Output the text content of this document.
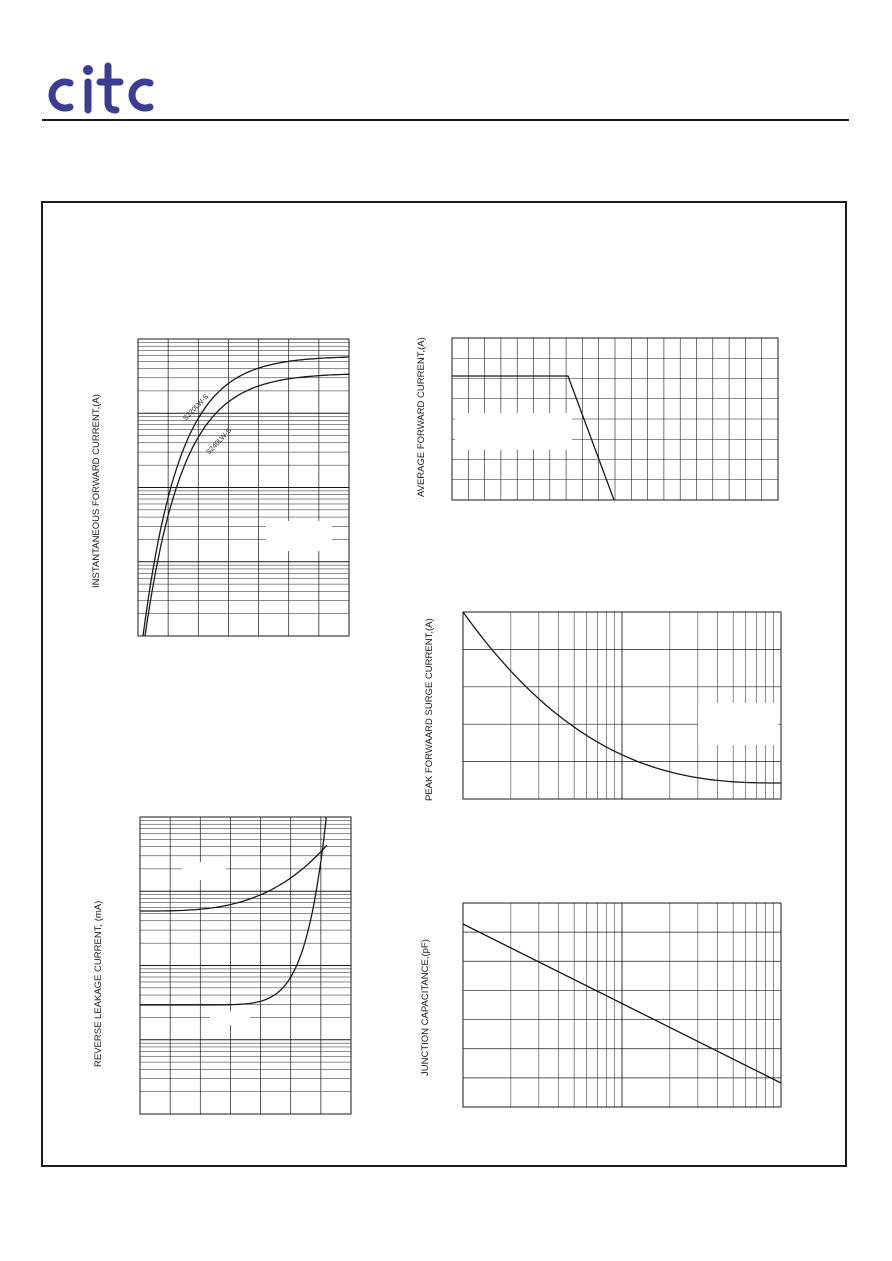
INSTANTANEOUS FORWARD CURRENT,(A)	S220LW-S
S240LW-S	AVERAGE FORWARD CURRENT,(A)
PEAK FORWAARD SURGE CURRENT,(A)
REVERSE LEAKAGE CURRENT, (mA)	JUNCTION CAPACITANCE,(pF)
